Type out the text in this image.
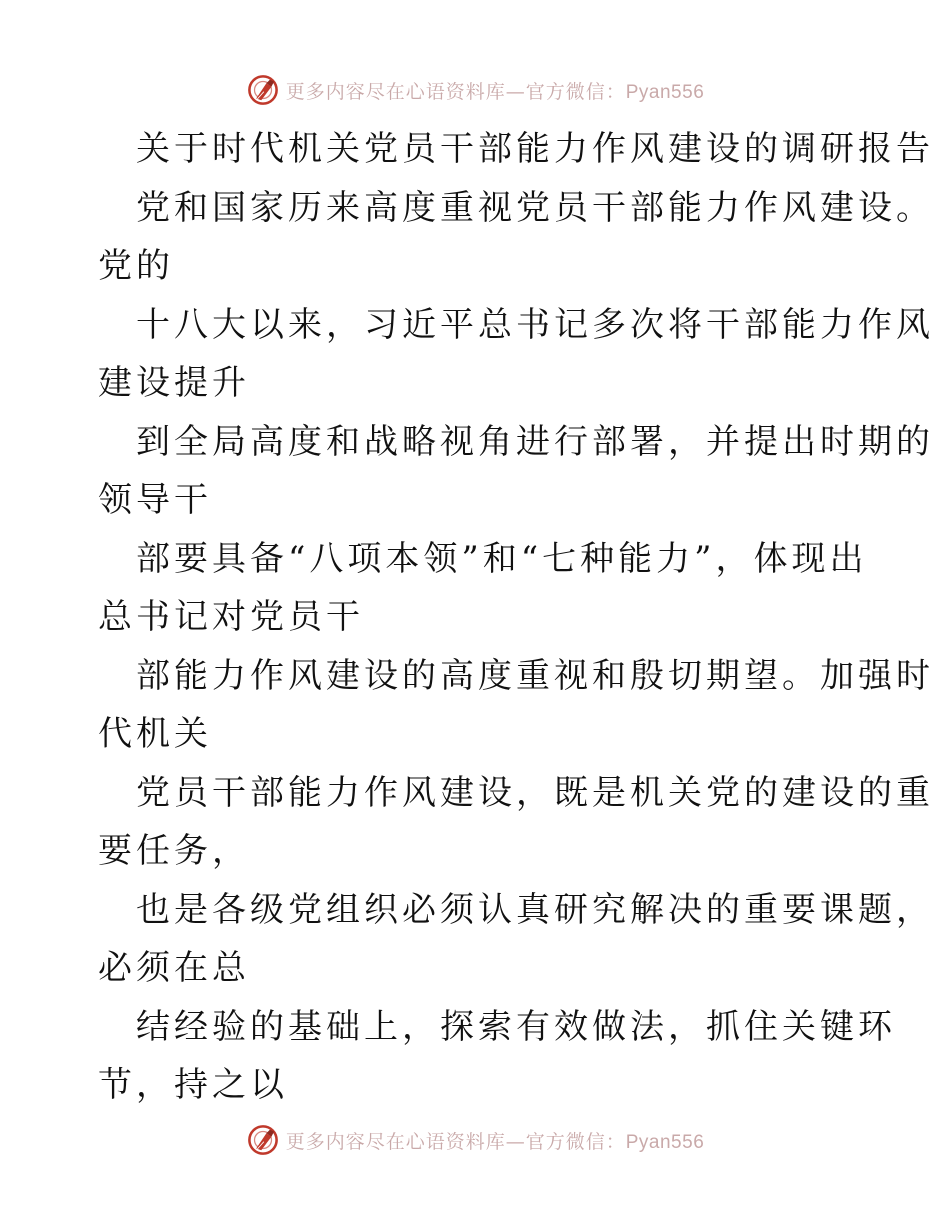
更多内容尽在心语资料库—官方微信：Pyan556
关于时代机关党员干部能力作风建设的调研报告
党和国家历来高度重视党员干部能力作风建设。
党的
十八大以来，习近平总书记多次将干部能力作风
建设提升
到全局高度和战略视角进行部署，并提出时期的
领导干
部要具备“八项本领”和“七种能力”，体现出
总书记对党员干
部能力作风建设的高度重视和殷切期望。加强时
代机关
党员干部能力作风建设，既是机关党的建设的重
要任务，
也是各级党组织必须认真研究解决的重要课题，
必须在总
结经验的基础上，探索有效做法，抓住关键环
节，持之以
更多内容尽在心语资料库—官方微信：Pyan556
